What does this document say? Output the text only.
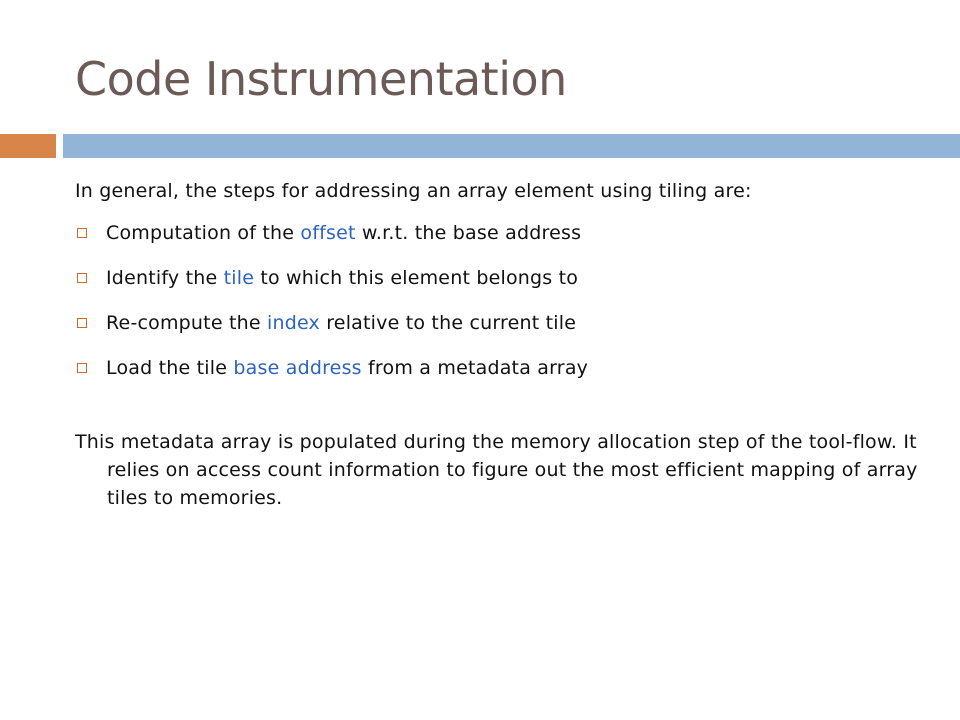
Code Instrumentation
In general, the steps for addressing an array element using tiling are:
Computation of the offset w.r.t. the base address
Identify the tile to which this element belongs to
Re-compute the index relative to the current tile
Load the tile base address from a metadata array
This metadata array is populated during the memory allocation step of the tool-flow. It relies on access count information to figure out the most efficient mapping of array tiles to memories.
